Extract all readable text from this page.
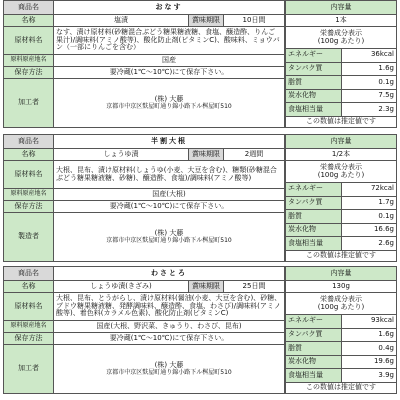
商品名	おなす
名称	塩漬 賞味期限 10日間

原材料名	なす、漬け原材料(砂糖混合ぶどう糖果糖液糖、食塩、醸造酢、りんご果汁)/調味料(アミノ酸等)、酸化防止剤(ビタミンC)、酸味料、ミョウバン（一部にりんごを含む）
原料原産地名	国産
保存方法	要冷蔵(1℃〜10℃)にて保存下さい。
加工者	(株) 大藤
京都市中京区麩屋町通り錦小路下ル桝屋町510
内容量	
1本	
栄養成分表示
(100g あたり)	
エネルギー	36kcal
タンパク質	1.6g
脂質	0.1g
炭水化物	7.5g
食塩相当量	2.3g
この数値は推定値です	
商品名	半割大根
名称	しょうゆ漬 賞味期限 2週間

原材料名	大根、昆布、漬け原材料(しょうゆ(小麦、大豆を含む)、糖類(砂糖混合ぶどう糖果糖液糖、砂糖)、醸造酢、食塩)/調味料(アミノ酸等)
原料原産地名	国産(大根)
保存方法	要冷蔵(1℃〜10℃)にて保存下さい。
製造者	(株) 大藤
京都市中京区麩屋町通り錦小路下ル桝屋町510
内容量	
1/2本	
栄養成分表示
(100g あたり)	
エネルギー	72kcal
タンパク質	1.7g
脂質	0.1g
炭水化物	16.6g
食塩相当量	2.6g
この数値は推定値です	
商品名	わさとろ
名称	しょうゆ漬(きざみ) 賞味期限 25日間

原材料名	大根、昆布、とうがらし、漬け原材料(醤油(小麦、大豆を含む)、砂糖、ブドウ糖果糖液糖、発酵調味料、醸造酢、食塩、わさび)/調味料(アミノ酸等)、着色料(カラメル色素)、酸化防止剤(ビタミンC)
原料原産地名	国産(大根、野沢菜、きゅうり、わさび、昆布)
保存方法	要冷蔵(1℃〜10℃)にて保存下さい。
加工者	(株) 大藤
京都市中京区麩屋町通り錦小路下ル桝屋町510
内容量	
130g	
栄養成分表示
(100g あたり)	
エネルギー	93kcal
タンパク質	1.6g
脂質	0.4g
炭水化物	19.6g
食塩相当量	3.9g
この数値は推定値です	
